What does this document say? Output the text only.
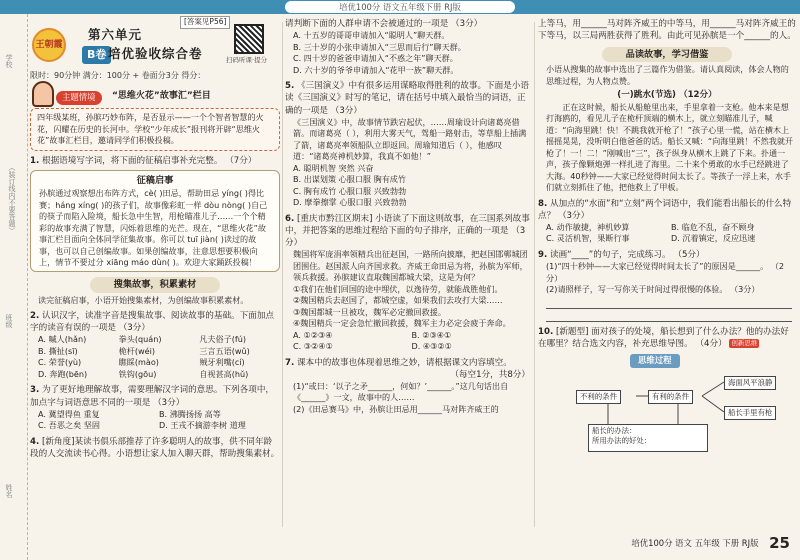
培优100分 语文五年级下册 RJ版
（装订线内不要答题）
学校
班级
姓名
王朝霞
[答案见P56]
第六单元
B卷 培优验收综合卷	扫码听课·提分
限时：90分钟 满分：100分 + 卷面分3分 得分：
主题情境	“思维火花”故事汇”栏目
四年级某班，孙膑巧妙布阵，是否显示——一个个智者智慧的火花，闪耀在历史的长河中。学校“少年成长”报刊将开辟“思维火花”故事汇栏目，邀请同学们积极投稿。
1. 根据语境写字词，将下面的征稿启事补充完整。 （7分）
征稿启事

孙膑通过观察想出布阵方式，cè( )田忌，帮助田忌 yíng( )得比赛；háng xíng( )的孩子们，故事像彩虹一样 dòu nòng( )自己的筷子而陷入险境，船长急中生智，用枪瞄准儿子……一个个精彩的故事充满了智慧，闪烁着思维的光芒。现在，“思维火花”故事汇栏目面向全体同学征集故事。你可以 tuī jiàn( )读过的故事，也可以自己创编故事。如果创编故事，注意思想要积极向上，情节不要过分 xiāng máo dùn( )。欢迎大家踊跃投稿！

搜集故事，积累素材
读完征稿启事，小语开始搜集素材，为创编故事积累素材。
2. 认识汉字，读准字音是搜集故事、阅读故事的基础。下面加点字的读音有误的一项是 （3分）
A. 嘁人(hǎn)	拳头(quán)	凡夫俗子(fú)
B. 撕扯(sī)	桅杆(wéi)	三言五语(wǔ)
C. 荣誉(yù)	瞧睬(mào)	贼牙利嘴(cí)
D. 奔跑(bēn)	铁钩(gōu)	自视甚高(hǔ)
3. 为了更好地理解故事，需要理解汉字词的意思。下列各项中，加点字与词语意思不同的一项是 （3分）
A. 冀望得鱼 重复	B. 沸腾扬扬 高等
C. 吾恶之矣 坚固	D. 王戎不摘游李树 道理
4. [新角度]某读书俱乐部推荐了许多聪明人的故事，供不同年龄段的人交流读书心得。小语想让家人加入聊天群，帮助搜集素材。
请判断下面的人群申请不会被通过的一项是 （3分）
A. 十五岁的哥哥申请加入“聪明人”聊天群。
B. 三十岁的小张申请加入“三思而后行”聊天群。
C. 四十岁的爸爸申请加入“不惑之年”聊天群。
D. 六十岁的爷爷申请加入“花甲一族”聊天群。
5. 《三国演义》中有很多运用谋略取得胜利的故事。下面是小语读《三国演义》时写的笔记，请在括号中填入最恰当的词语，正确的一项是 （3分）
《三国演义》中，故事情节跌宕起伏，……周瑜设计向诸葛亮借箭。而诸葛亮（ ），利用大雾天气，驾船一路射击，等草船上插满了箭，诸葛亮率领船队立即返回。周瑜知道后（ ），他感叹道：“诸葛亮神机妙算，我真不如他！”
A. 聪明机智 突然 兴奋
B. 出谋划策 心服口服 胸有成竹
C. 胸有成竹 心服口服 兴致勃勃
D. 摩拳擦掌 心服口服 兴致勃勃
6. [重庆市黔江区期末] 小语读了下面这则故事，在三国系列故事中，并把答案的思维过程给下面的句子排序，正确的一项是 （3分）
魏国将军庞涓率领精兵出征赵国，一路所向披靡，把赵国邯郸城团团围住。赵国派人向齐国求救。齐威王命田忌为将，孙膑为军师，领兵救援。孙膑建议直取魏国都城大梁，这是为何？
①我们在他们回国的途中埋伏，以逸待劳，就能战胜他们。
②魏国精兵去赵国了，都城空虚，如果我们去攻打大梁……
③魏国都城一旦被攻，魏军必定撤回救援。
④魏国精兵一定会急忙撤回救援，魏军主力必定会疲于奔命。
A. ①②③④	B. ②③④①
C. ③②④①	D. ④③②①
7. 课本中的故事也体现着思维之妙，请根据课文内容填空。
（每空1分，共8分）
(1)“或曰：‘以子之矛______，何如？’______。”这几句话出自《______》一文，故事中的人……
(2)《田忌赛马》中，孙膑让田忌用______马对阵齐威王的
上等马，用______马对阵齐威王的中等马，用______马对阵齐威王的下等马，以三局两胜获得了胜利。由此可见孙膑是一个______的人。
品读故事，学习借鉴
小语从搜集的故事中选出了三篇作为借鉴。请认真阅读，体会人物的思维过程，为人物点赞。
(一)跳水(节选) （12分）
正在这时候，船长从船舱里出来，手里拿着一支枪。他本来是想打海鸥的，看见儿子在桅杆顶端的横木上，就立刻瞄准儿子，喊道：“向海里跳！快！不跳我就开枪了！”孩子心里一慌，站在横木上摇摇晃晃，没听明白他爸爸的话。船长又喊：“向海里跳！不然我就开枪了！一！二！”刚喊出“三”，孩子纵身从横木上跳了下来。扑通一声，孩子像颗炮弹一样扎进了海里。二十来个勇敢的水手已经跳进了大海。40秒钟——大家已经觉得时间太长了。等孩子一浮上来，水手们就立刻抓住了他，把他救上了甲板。
8. 从加点的“水面”和“立刻”两个词语中，我们能看出船长的什么特点？ （3分）
A. 动作敏捷，神机妙算	B. 临危不乱，奋不顾身
C. 灵活机智，果断行事	D. 沉着镇定，反应迅速
9. 读画“____”的句子，完成练习。 （5分）
(1)“四十秒钟——大家已经觉得时间太长了”的原因是______。 （2分）
(2)请照样子，写一写你关于时间过得很慢的体验。 （3分）
10. [新题型] 面对孩子的处境，船长想到了什么办法？他的办法好在哪里？结合选文内容，补充思维导图。 （4分） 创新思维
思维过程
不利的条件	有利的条件
海面风平浪静
船长手里有枪
船长的办法：
所用办法的好处：
培优100分 语文 五年级 下册 RJ版 25
